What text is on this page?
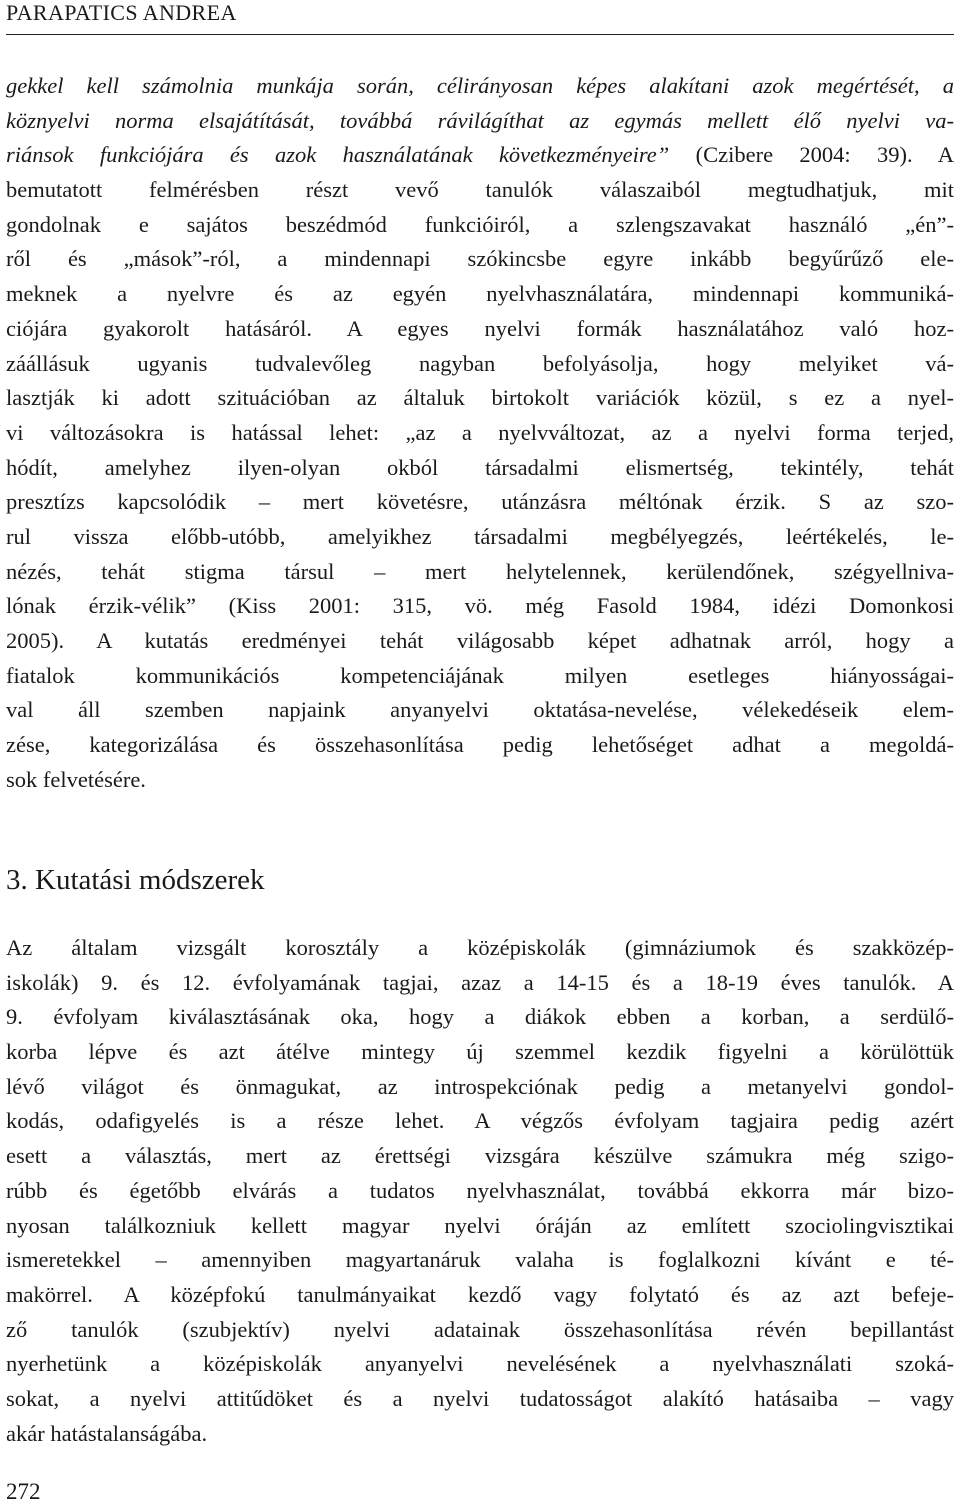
PARAPATICS ANDREA
gekkel kell számolnia munkája során, célirányosan képes alakítani azok megértését, a
köznyelvi norma elsajátítását, továbbá rávilágíthat az egymás mellett élő nyelvi va-
riánsok funkciójára és azok használatának következményeire” (Czibere 2004: 39). A
bemutatott felmérésben részt vevő tanulók válaszaiból megtudhatjuk, mit
gondolnak e sajátos beszédmód funkcióiról, a szlengszavakat használó „én”-
ről és „mások”-ról, a mindennapi szókincsbe egyre inkább begyűrűző ele-
meknek a nyelvre és az egyén nyelvhasználatára, mindennapi kommuniká-
ciójára gyakorolt hatásáról. A egyes nyelvi formák használatához való hoz-
záállásuk ugyanis tudvalevőleg nagyban befolyásolja, hogy melyiket vá-
lasztják ki adott szituációban az általuk birtokolt variációk közül, s ez a nyel-
vi változásokra is hatással lehet: „az a nyelvváltozat, az a nyelvi forma terjed,
hódít, amelyhez ilyen-olyan okból társadalmi elismertség, tekintély, tehát
presztízs kapcsolódik – mert követésre, utánzásra méltónak érzik. S az szo-
rul vissza előbb-utóbb, amelyikhez társadalmi megbélyegzés, leértékelés, le-
nézés, tehát stigma társul – mert helytelennek, kerülendőnek, szégyellniva-
lónak érzik-vélik” (Kiss 2001: 315, vö. még Fasold 1984, idézi Domonkosi
2005). A kutatás eredményei tehát világosabb képet adhatnak arról, hogy a
fiatalok kommunikációs kompetenciájának milyen esetleges hiányosságai-
val áll szemben napjaink anyanyelvi oktatása-nevelése, vélekedéseik elem-
zése, kategorizálása és összehasonlítása pedig lehetőséget adhat a megoldá-
sok felvetésére.
3. Kutatási módszerek
Az általam vizsgált korosztály a középiskolák (gimnáziumok és szakközép-
iskolák) 9. és 12. évfolyamának tagjai, azaz a 14-15 és a 18-19 éves tanulók. A
9. évfolyam kiválasztásának oka, hogy a diákok ebben a korban, a serdülő-
korba lépve és azt átélve mintegy új szemmel kezdik figyelni a körülöttük
lévő világot és önmagukat, az introspekciónak pedig a metanyelvi gondol-
kodás, odafigyelés is a része lehet. A végzős évfolyam tagjaira pedig azért
esett a választás, mert az érettségi vizsgára készülve számukra még szigo-
rúbb és égetőbb elvárás a tudatos nyelvhasználat, továbbá ekkorra már bizo-
nyosan találkozniuk kellett magyar nyelvi óráján az említett szociolingvisztikai
ismeretekkel – amennyiben magyartanáruk valaha is foglalkozni kívánt e té-
makörrel. A középfokú tanulmányaikat kezdő vagy folytató és az azt befeje-
ző tanulók (szubjektív) nyelvi adatainak összehasonlítása révén bepillantást
nyerhetünk a középiskolák anyanyelvi nevelésének a nyelvhasználati szoká-
sokat, a nyelvi attitűdöket és a nyelvi tudatosságot alakító hatásaiba – vagy
akár hatástalanságába.
272
